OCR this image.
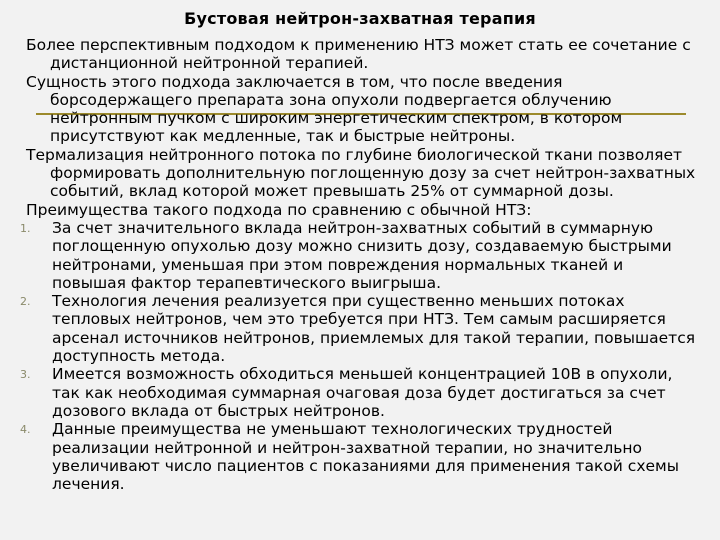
Бустовая нейтрон-захватная терапия

Более перспективным подходом к применению НТЗ может стать ее сочетание с дистанционной нейтронной терапией.

Сущность этого подхода заключается в том, что после введения борсодержащего препарата зона опухоли подвергается облучению нейтронным пучком с широким энергетическим спектром, в котором присутствуют как медленные, так и быстрые нейтроны.

Термализация нейтронного потока по глубине биологической ткани позволяет формировать дополнительную поглощенную дозу за счет нейтрон-захватных событий, вклад которой может превышать 25% от суммарной дозы.

Преимущества такого подхода по сравнению с обычной НТЗ:

1. За счет значительного вклада нейтрон-захватных событий в суммарную поглощенную опухолью дозу можно снизить дозу, создаваемую быстрыми нейтронами, уменьшая при этом повреждения нормальных тканей и повышая фактор терапевтического выигрыша.
2. Технология лечения реализуется при существенно меньших потоках тепловых нейтронов, чем это требуется при НТЗ. Тем самым расширяется арсенал источников нейтронов, приемлемых для такой терапии, повышается доступность метода.
3. Имеется возможность обходиться меньшей концентрацией 10В в опухоли, так как необходимая суммарная очаговая доза будет достигаться за счет дозового вклада от быстрых нейтронов.
4. Данные преимущества не уменьшают технологических трудностей реализации нейтронной и нейтрон-захватной терапии, но значительно увеличивают число пациентов с показаниями для применения такой схемы лечения.
